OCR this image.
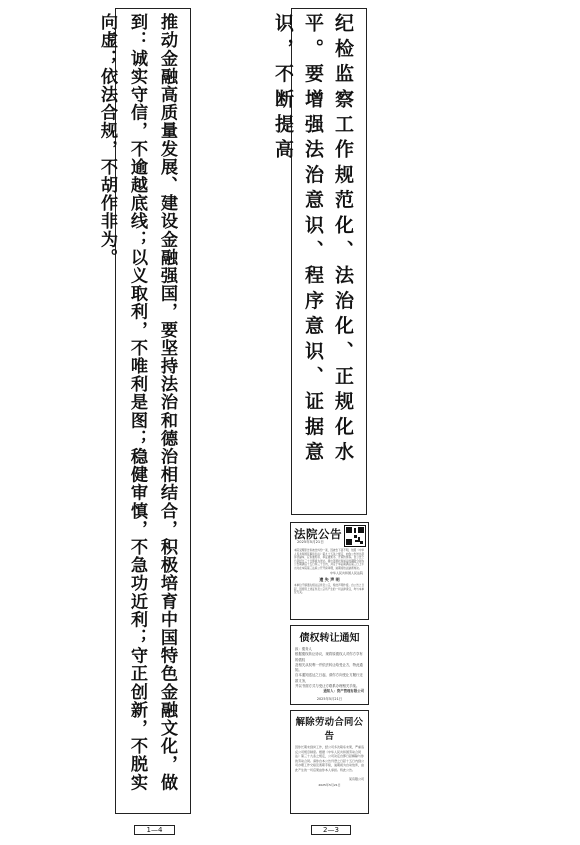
推动金融高质量发展、建设金融强国，要坚持法治和德治相结合，积极培育中国特色金融文化，做到：诚实守信，不逾越底线；以义取利，不唯利是图；稳健审慎，不急功近利；守正创新，不脱实向虚；依法合规，不胡作非为。	纪检监察工作规范化、法治化、正规化水平。要增强法治意识、程序意识、证据意识，不断提高
法院公告
2025年5月21日

本院受理原告诉被告纠纷一案，因被告下落不明，依照《中华人民共和国民事诉讼法》第九十五条之规定，向你公告送达起诉状副本、应诉通知书、举证通知书、开庭传票等。自公告之日起经过三十日即视为送达。提出答辩状和举证的期限分别为公告期满后十五日和三十日内，并定于举证期满后第三日上午九时在本院第三法庭公开开庭审理，逾期将依法缺席判决。

中华人民共和国人民法院

遗 失 声 明

本单位不慎遗失相关证件及公章，特此声明作废。自公告之日起，因使用上述证件及公章所产生的一切法律责任，均与本单位无关。

债权转让通知
致：债务人
根据债权转让协议，现将原债权人对你方享有的债权
及相关从权利一并依法转让给受让方，特此通知。
自本通知送达之日起，请你方向受让方履行还款义务，
并以书面方式与受让方联系办理相关手续。
通知人：资产管理有限公司
2025年5月21日
解除劳动合同公告

因你长期未到岗工作，经公司多次联系未果，严重违反公司规章制度。根据《中华人民共和国劳动合同法》第三十九条之规定，公司决定自即日起解除与你的劳动合同。请你自本公告刊登之日起十五日内到公司办理工作交接及离职手续，逾期视为自动放弃，由此产生的一切后果由你本人承担。特此公告。

某有限公司
2025年5月21日
1—4	2—3
